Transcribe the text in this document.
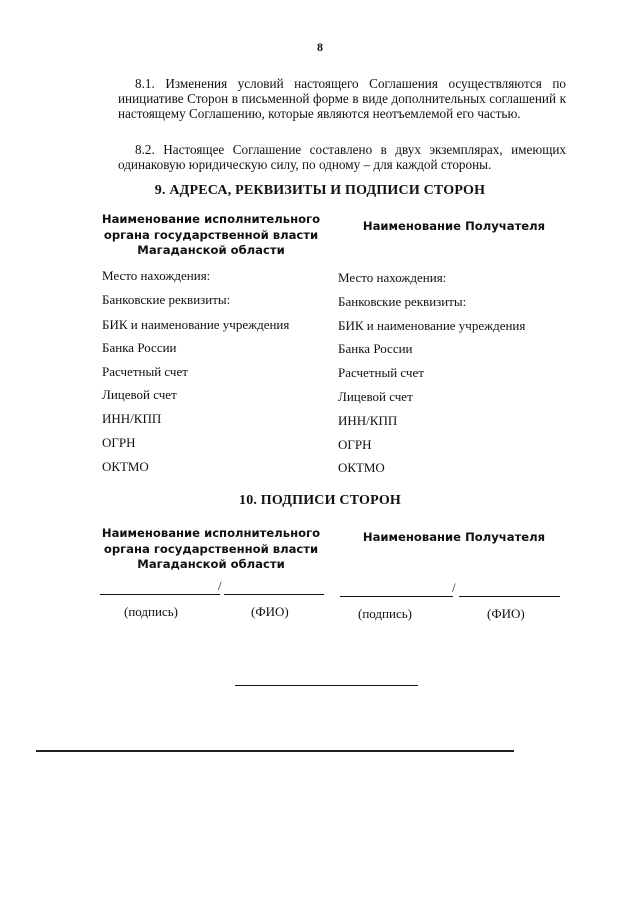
8
8.1. Изменения условий настоящего Соглашения осуществляются по инициативе Сторон в письменной форме в виде дополнительных соглашений к настоящему Соглашению, которые являются неотъемлемой его частью.
8.2. Настоящее Соглашение составлено в двух экземплярах, имеющих одинаковую юридическую силу, по одному – для каждой стороны.
9. АДРЕСА, РЕКВИЗИТЫ И ПОДПИСИ СТОРОН
Наименование исполнительного органа государственной власти Магаданской области
Наименование Получателя
Место нахождения:
Банковские реквизиты:
БИК и наименование учреждения
Банка России
Расчетный счет
Лицевой счет
ИНН/КПП
ОГРН
ОКТМО
Место нахождения:
Банковские реквизиты:
БИК и наименование учреждения
Банка России
Расчетный счет
Лицевой счет
ИНН/КПП
ОГРН
ОКТМО
10. ПОДПИСИ СТОРОН
Наименование исполнительного органа государственной власти Магаданской области
Наименование Получателя
/
(подпись)	(ФИО)
/
(подпись)	(ФИО)
